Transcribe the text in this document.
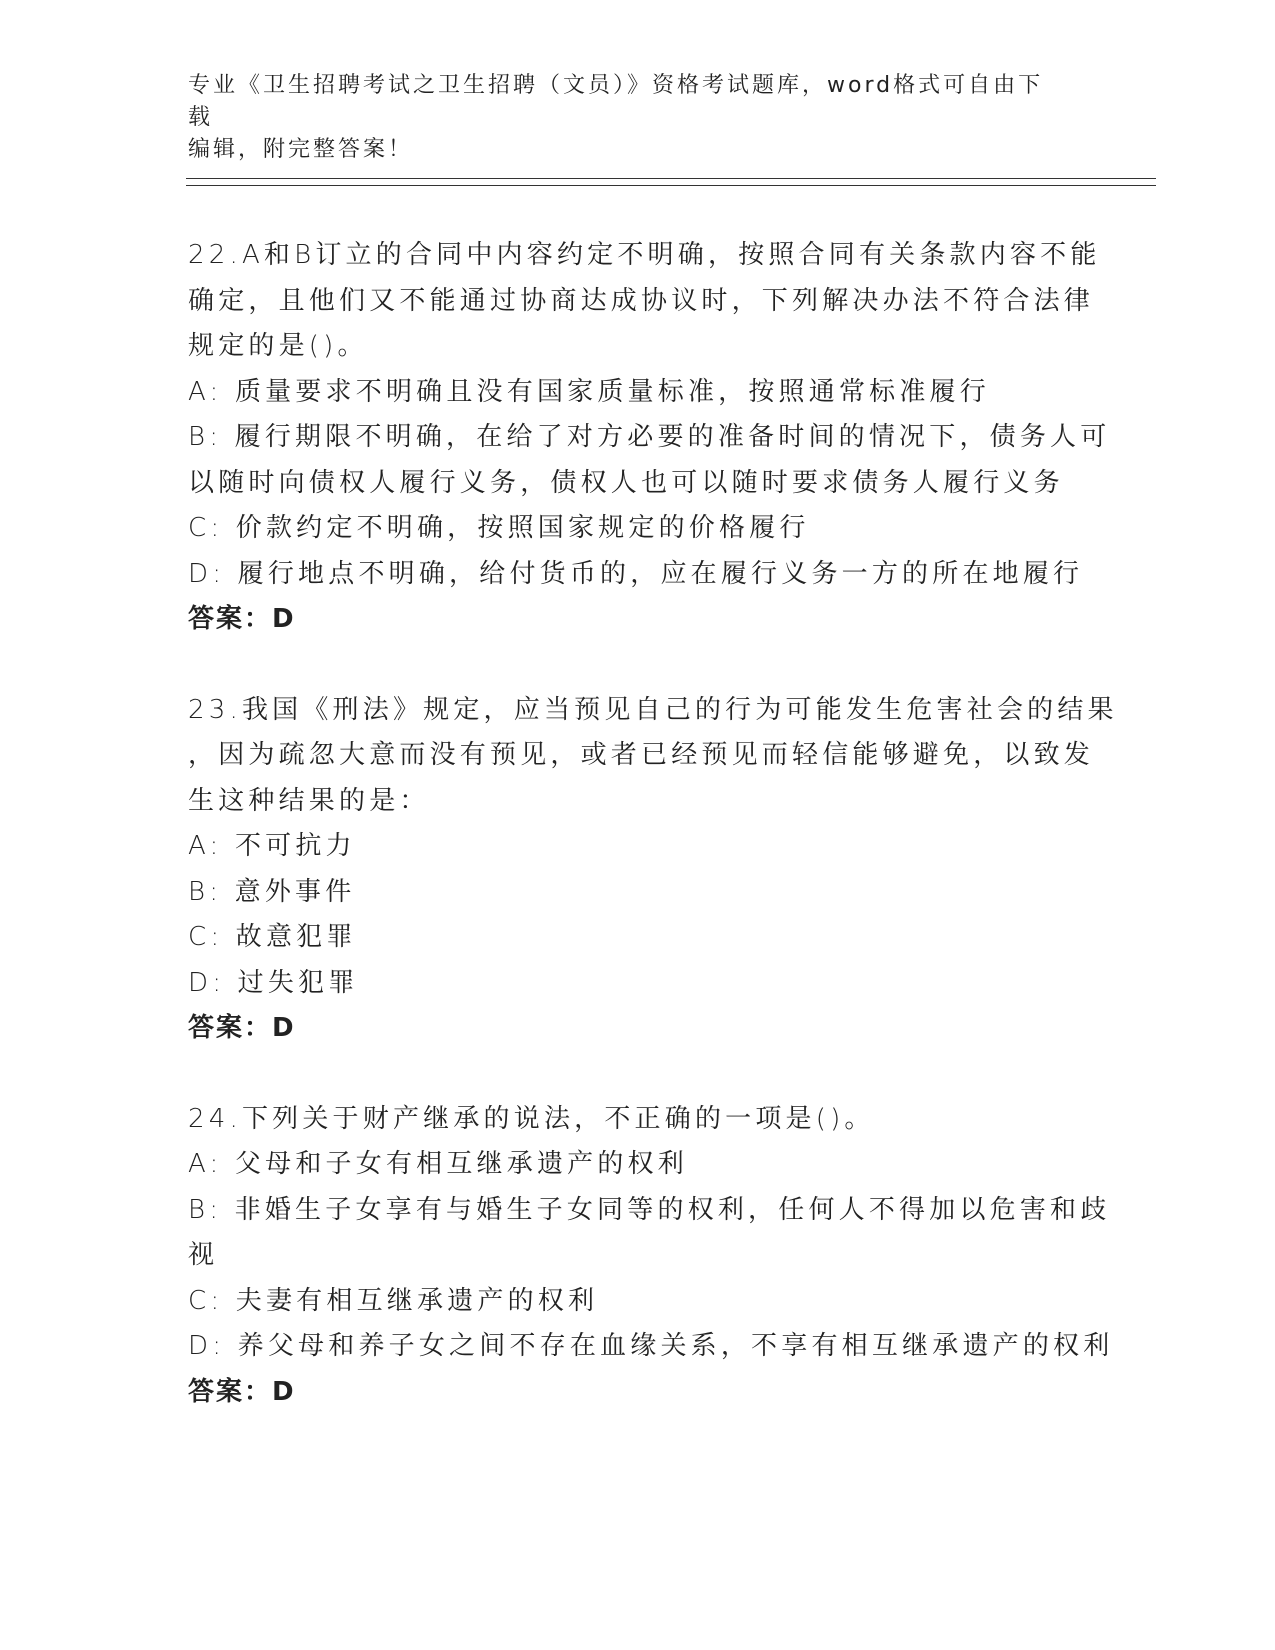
专业《卫生招聘考试之卫生招聘（文员）》资格考试题库，word格式可自由下载
编辑，附完整答案！
22.A和B订立的合同中内容约定不明确，按照合同有关条款内容不能
确定，且他们又不能通过协商达成协议时，下列解决办法不符合法律
规定的是()。
A: 质量要求不明确且没有国家质量标准，按照通常标准履行
B: 履行期限不明确，在给了对方必要的准备时间的情况下，债务人可
以随时向债权人履行义务，债权人也可以随时要求债务人履行义务
C: 价款约定不明确，按照国家规定的价格履行
D: 履行地点不明确，给付货币的，应在履行义务一方的所在地履行
答案：D
23.我国《刑法》规定，应当预见自己的行为可能发生危害社会的结果
，因为疏忽大意而没有预见，或者已经预见而轻信能够避免，以致发
生这种结果的是：
A: 不可抗力
B: 意外事件
C: 故意犯罪
D: 过失犯罪
答案：D
24.下列关于财产继承的说法，不正确的一项是()。
A: 父母和子女有相互继承遗产的权利
B: 非婚生子女享有与婚生子女同等的权利，任何人不得加以危害和歧
视
C: 夫妻有相互继承遗产的权利
D: 养父母和养子女之间不存在血缘关系，不享有相互继承遗产的权利
答案：D
